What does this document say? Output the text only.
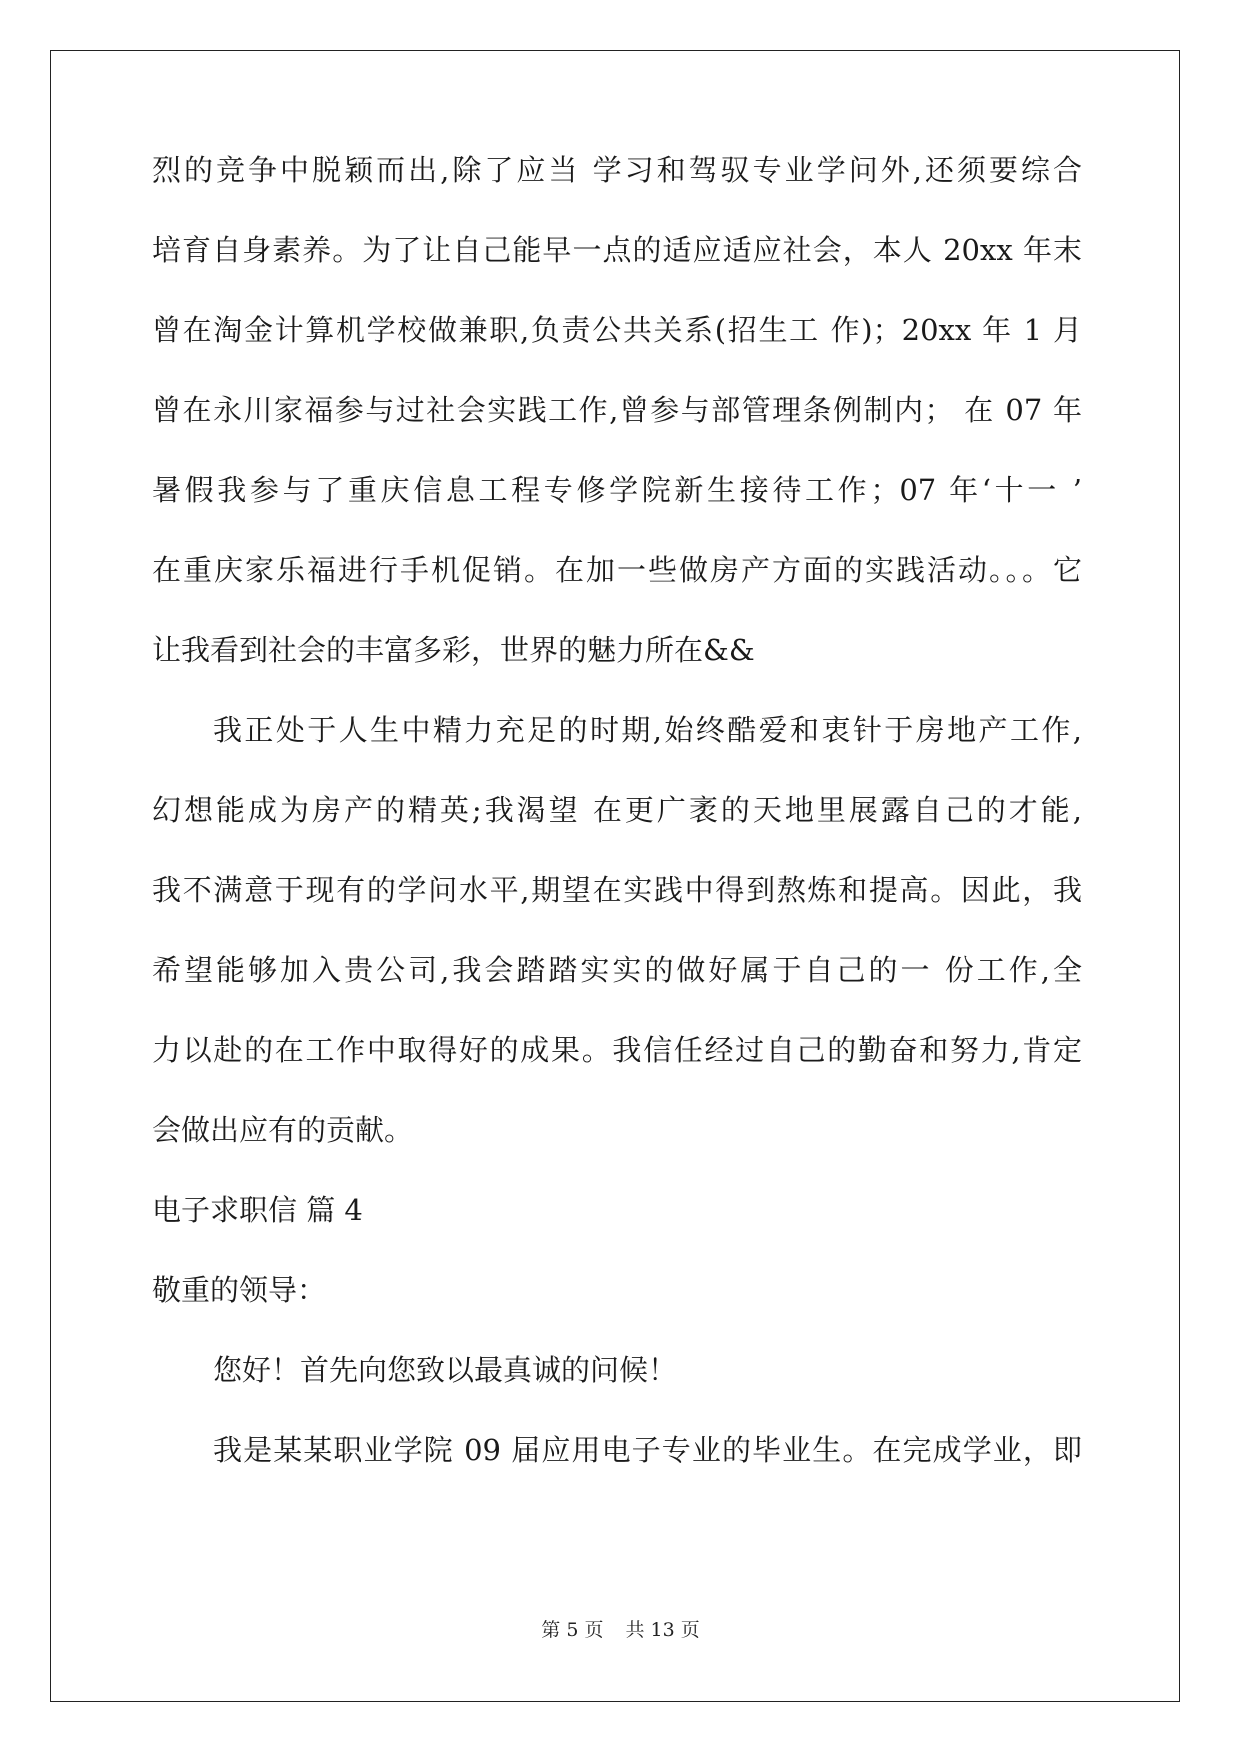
烈的竞争中脱颖而出,除了应当 学习和驾驭专业学问外,还须要综合
培育自身素养。为了让自己能早一点的适应适应社会，本人 20xx 年末
曾在淘金计算机学校做兼职,负责公共关系(招生工 作)；20xx 年 1 月
曾在永川家福参与过社会实践工作,曾参与部管理条例制内； 在 07 年
暑假我参与了重庆信息工程专修学院新生接待工作；07 年‘十一 ’
在重庆家乐福进行手机促销。在加一些做房产方面的实践活动。。。它
让我看到社会的丰富多彩，世界的魅力所在&&
我正处于人生中精力充足的时期,始终酷爱和衷针于房地产工作,
幻想能成为房产的精英;我渴望 在更广袤的天地里展露自己的才能,
我不满意于现有的学问水平,期望在实践中得到熬炼和提高。因此，我
希望能够加入贵公司,我会踏踏实实的做好属于自己的一 份工作,全
力以赴的在工作中取得好的成果。我信任经过自己的勤奋和努力,肯定
会做出应有的贡献。
电子求职信 篇 4
敬重的领导：
您好！首先向您致以最真诚的问候！
我是某某职业学院 09 届应用电子专业的毕业生。在完成学业，即
第 5 页 共 13 页
